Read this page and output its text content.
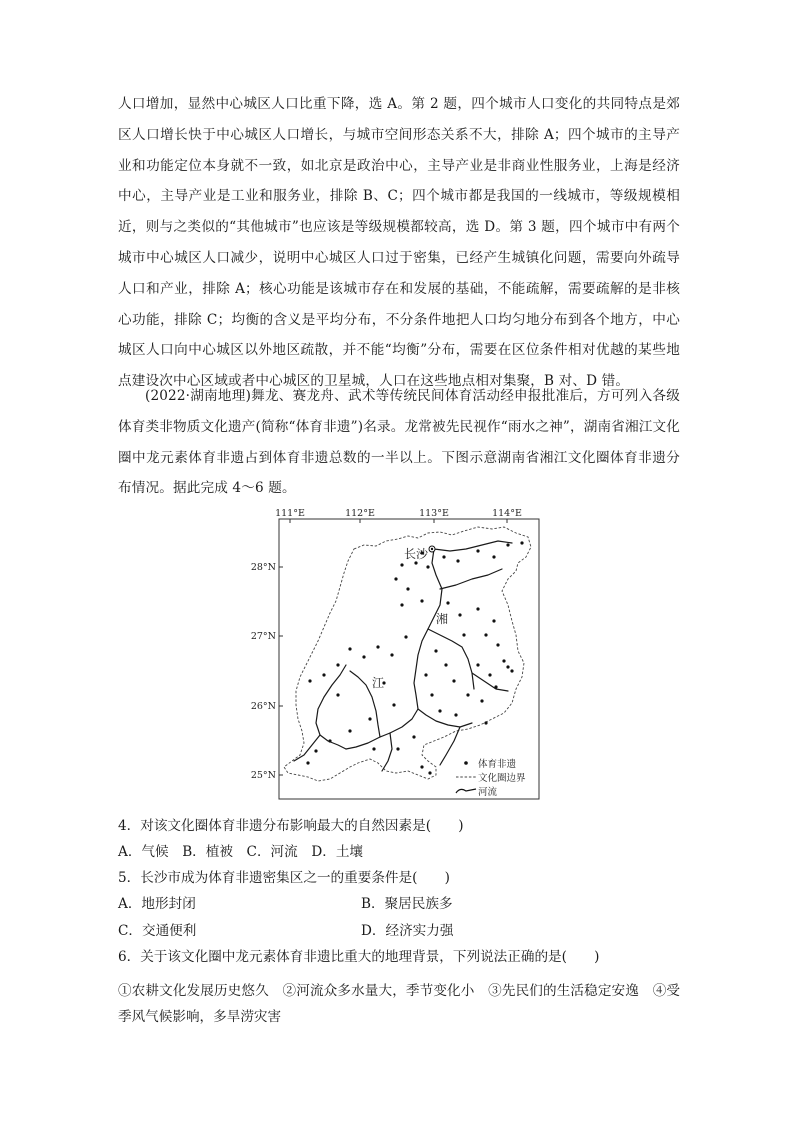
人口增加，显然中心城区人口比重下降，选 A。第 2 题，四个城市人口变化的共同特点是郊区人口增长快于中心城区人口增长，与城市空间形态关系不大，排除 A；四个城市的主导产业和功能定位本身就不一致，如北京是政治中心，主导产业是非商业性服务业，上海是经济中心，主导产业是工业和服务业，排除 B、C；四个城市都是我国的一线城市，等级规模相近，则与之类似的“其他城市”也应该是等级规模都较高，选 D。第 3 题，四个城市中有两个城市中心城区人口减少，说明中心城区人口过于密集，已经产生城镇化问题，需要向外疏导人口和产业，排除 A；核心功能是该城市存在和发展的基础，不能疏解，需要疏解的是非核心功能，排除 C；均衡的含义是平均分布，不分条件地把人口均匀地分布到各个地方，中心城区人口向中心城区以外地区疏散，并不能“均衡”分布，需要在区位条件相对优越的某些地点建设次中心区域或者中心城区的卫星城，人口在这些地点相对集聚，B 对、D 错。

(2022·湖南地理)舞龙、赛龙舟、武术等传统民间体育活动经申报批准后，方可列入各级体育类非物质文化遗产(简称“体育非遗”)名录。龙常被先民视作“雨水之神”，湖南省湘江文化圈中龙元素体育非遗占到体育非遗总数的一半以上。下图示意湖南省湘江文化圈体育非遗分布情况。据此完成 4～6 题。

111°E	112°E	113°E	114°E
28°N
27°N
26°N
25°N
长沙
湘
江
体育非遗
文化圈边界
河流

4．对该文化圈体育非遗分布影响最大的自然因素是(　　)

A．气候　B．植被　C．河流　D．土壤

5．长沙市成为体育非遗密集区之一的重要条件是(　　)

A．地形封闭	B．聚居民族多
C．交通便利	D．经济实力强

6．关于该文化圈中龙元素体育非遗比重大的地理背景，下列说法正确的是(　　)

①农耕文化发展历史悠久　②河流众多水量大，季节变化小　③先民们的生活稳定安逸　④受季风气候影响，多旱涝灾害
